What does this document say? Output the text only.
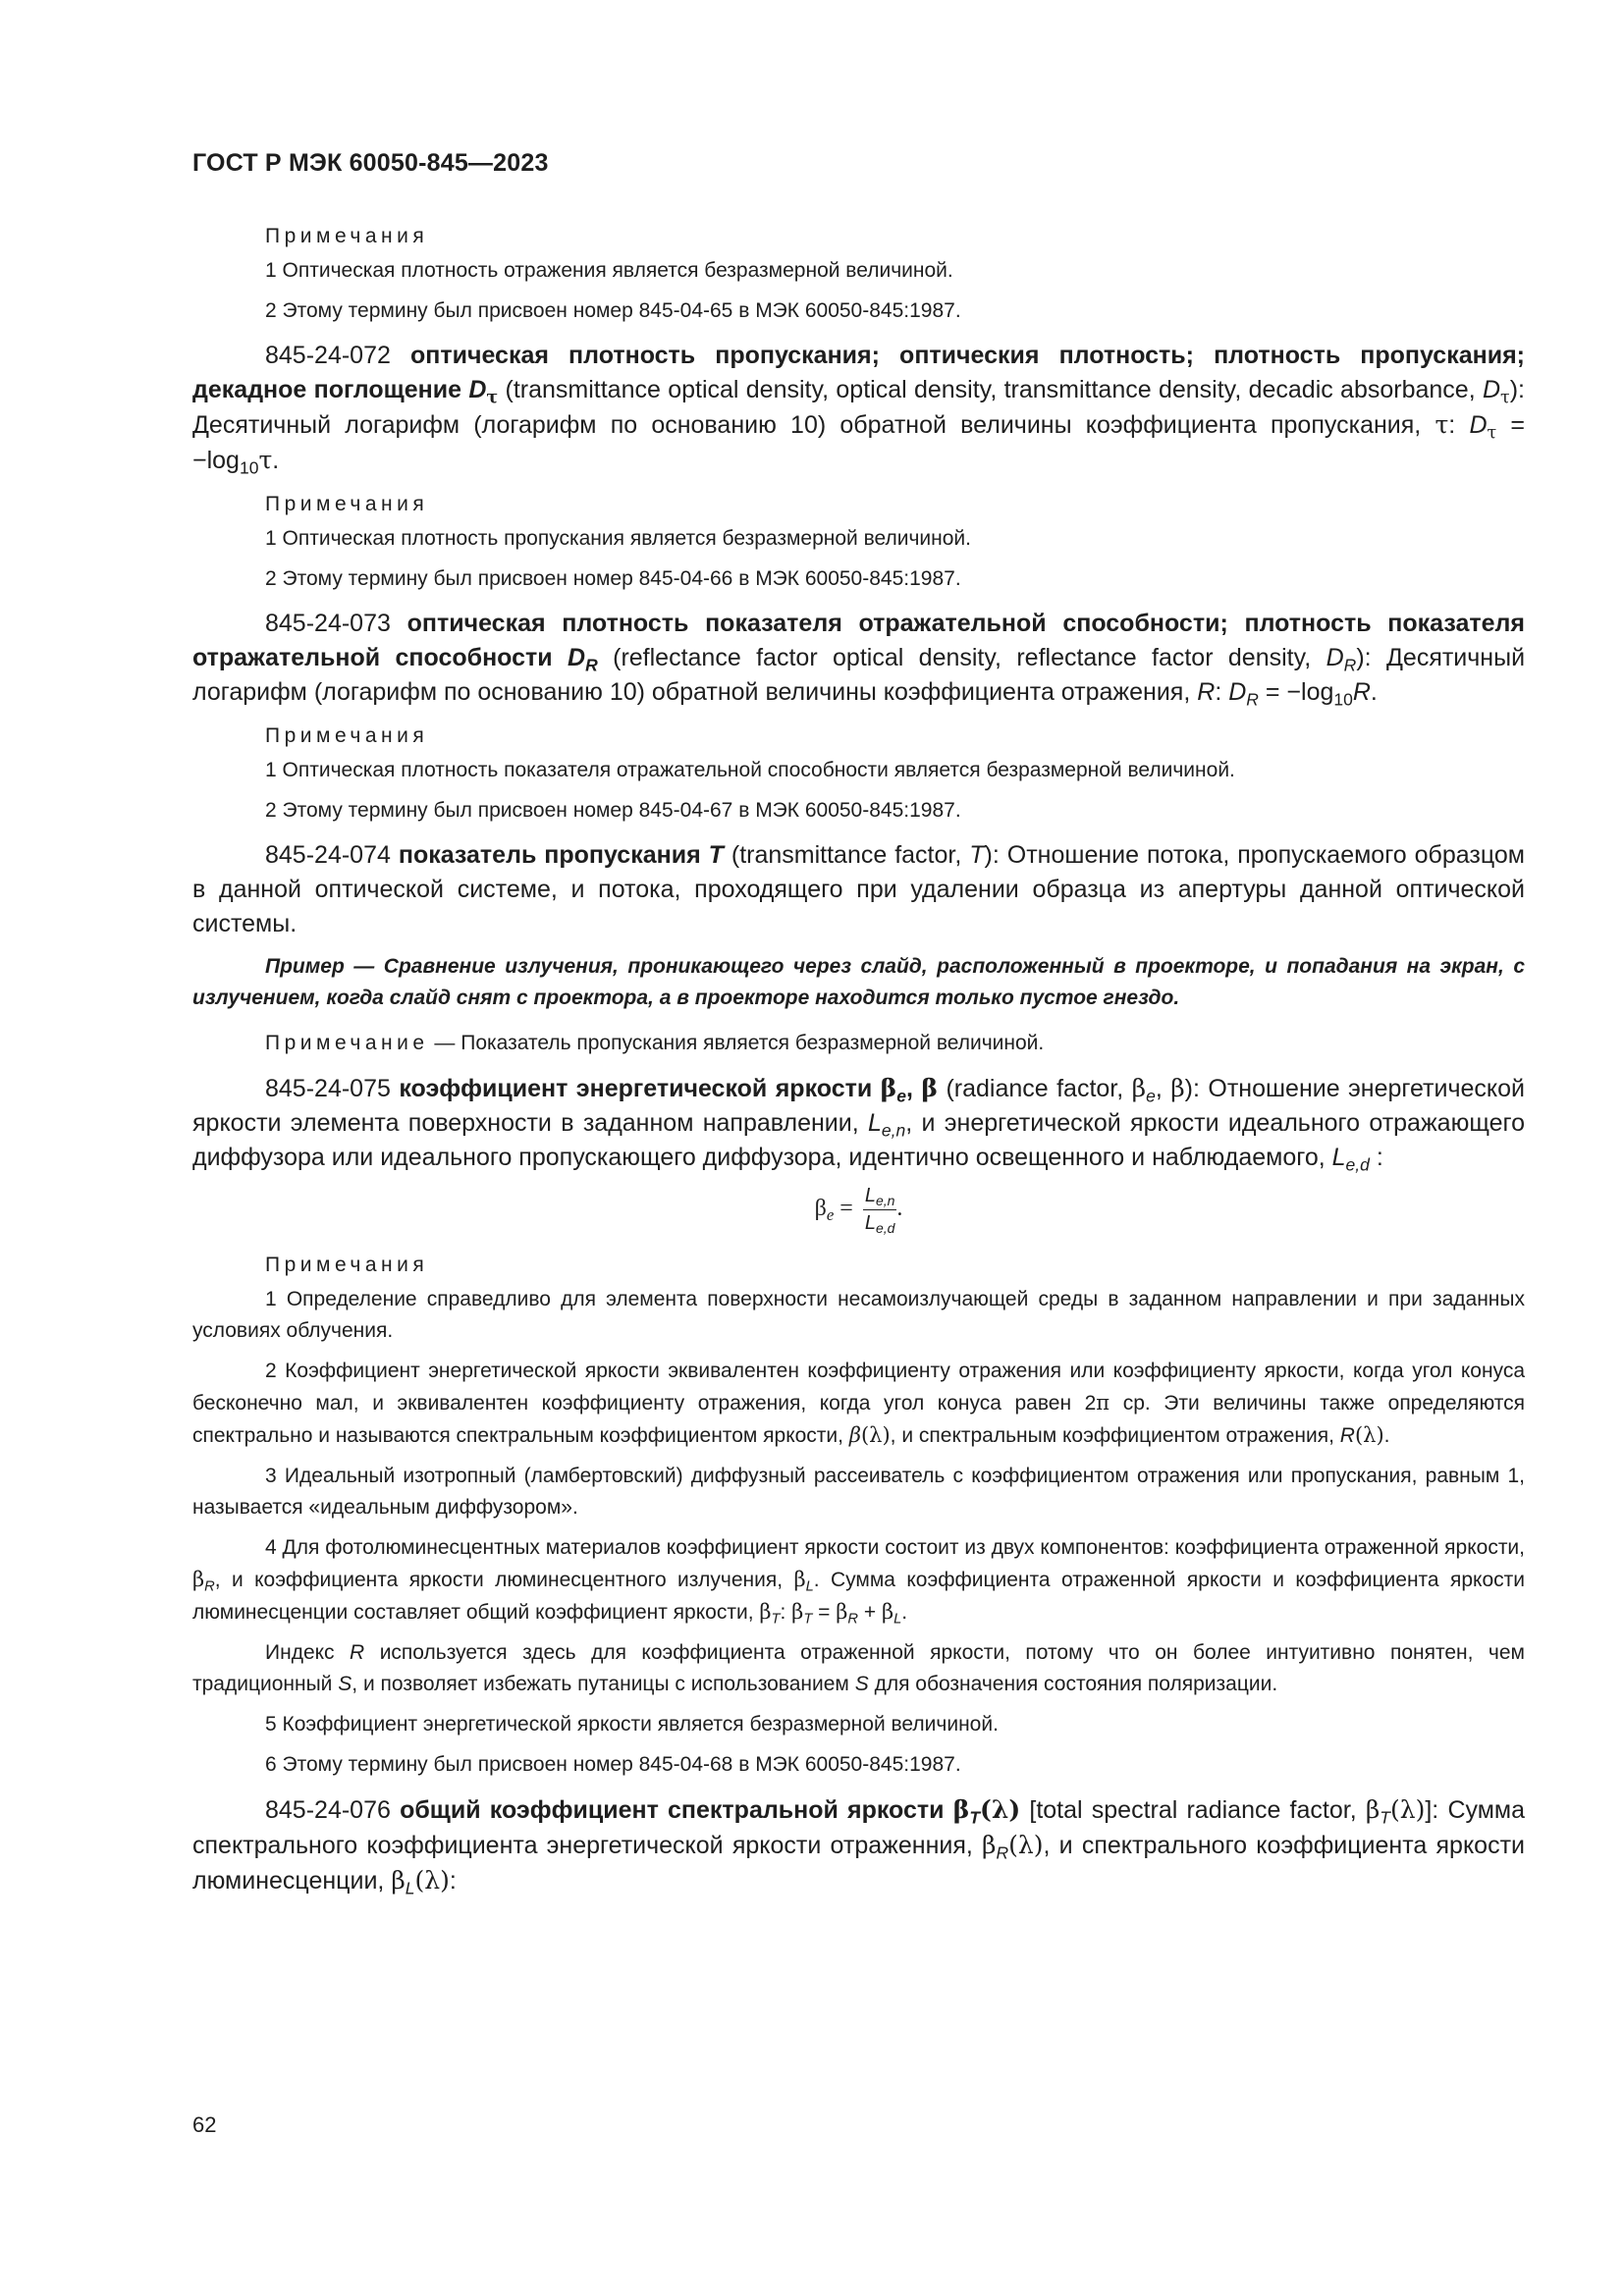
ГОСТ Р МЭК 60050-845—2023

Примечания

1 Оптическая плотность отражения является безразмерной величиной.

2 Этому термину был присвоен номер 845-04-65 в МЭК 60050-845:1987.

845-24-072 оптическая плотность пропускания; оптическия плотность; плотность пропускания; декадное поглощение $D_\tau$ (transmittance optical density, optical density, transmittance density, decadic absorbance, $D_\tau$): Десятичный логарифм (логарифм по основанию 10) обратной величины коэффициента пропускания, τ: $D_\tau = -\log_{10}\tau$.

Примечания

1 Оптическая плотность пропускания является безразмерной величиной.

2 Этому термину был присвоен номер 845-04-66 в МЭК 60050-845:1987.

845-24-073 оптическая плотность показателя отражательной способности; плотность показателя отражательной способности $D_R$ (reflectance factor optical density, reflectance factor density, $D_R$): Десятичный логарифм (логарифм по основанию 10) обратной величины коэффициента отражения, R: $D_R = -\log_{10}R$.

Примечания

1 Оптическая плотность показателя отражательной способности является безразмерной величиной.

2 Этому термину был присвоен номер 845-04-67 в МЭК 60050-845:1987.

845-24-074 показатель пропускания T (transmittance factor, T): Отношение потока, пропускаемого образцом в данной оптической системе, и потока, проходящего при удалении образца из апертуры данной оптической системы.

Пример — Сравнение излучения, проникающего через слайд, расположенный в проекторе, и попадания на экран, с излучением, когда слайд снят с проектора, а в проекторе находится только пустое гнездо.

Примечание — Показатель пропускания является безразмерной величиной.

845-24-075 коэффициент энергетической яркости $\beta_e$, β (radiance factor, $\beta_e$, β): Отношение энергетической яркости элемента поверхности в заданном направлении, $L_{e,n}$, и энергетической яркости идеального отражающего диффузора или идеального пропускающего диффузора, идентично освещенного и наблюдаемого, $L_{e,d}$ :

$\beta_e = \frac{L_{e,n}}{L_{e,d}}$ .

Примечания

1 Определение справедливо для элемента поверхности несамоизлучающей среды в заданном направлении и при заданных условиях облучения.

2 Коэффициент энергетической яркости эквивалентен коэффициенту отражения или коэффициенту яркости, когда угол конуса бесконечно мал, и эквивалентен коэффициенту отражения, когда угол конуса равен 2π ср. Эти величины также определяются спектрально и называются спектральным коэффициентом яркости, β(λ), и спектральным коэффициентом отражения, R(λ).

3 Идеальный изотропный (ламбертовский) диффузный рассеиватель с коэффициентом отражения или пропускания, равным 1, называется «идеальным диффузором».

4 Для фотолюминесцентных материалов коэффициент яркости состоит из двух компонентов: коэффициента отраженной яркости, $\beta_R$, и коэффициента яркости люминесцентного излучения, $\beta_L$. Сумма коэффициента отраженной яркости и коэффициента яркости люминесценции составляет общий коэффициент яркости, $\beta_T$: $\beta_T = \beta_R + \beta_L$.

Индекс R используется здесь для коэффициента отраженной яркости, потому что он более интуитивно понятен, чем традиционный S, и позволяет избежать путаницы с использованием S для обозначения состояния поляризации.

5 Коэффициент энергетической яркости является безразмерной величиной.

6 Этому термину был присвоен номер 845-04-68 в МЭК 60050-845:1987.

845-24-076 общий коэффициент спектральной яркости $\beta_T(\lambda)$ [total spectral radiance factor, $\beta_T(\lambda)$]: Сумма спектрального коэффициента энергетической яркости отраженния, $\beta_R(\lambda)$, и спектрального коэффициента яркости люминесценции, $\beta_L(\lambda)$:

62
